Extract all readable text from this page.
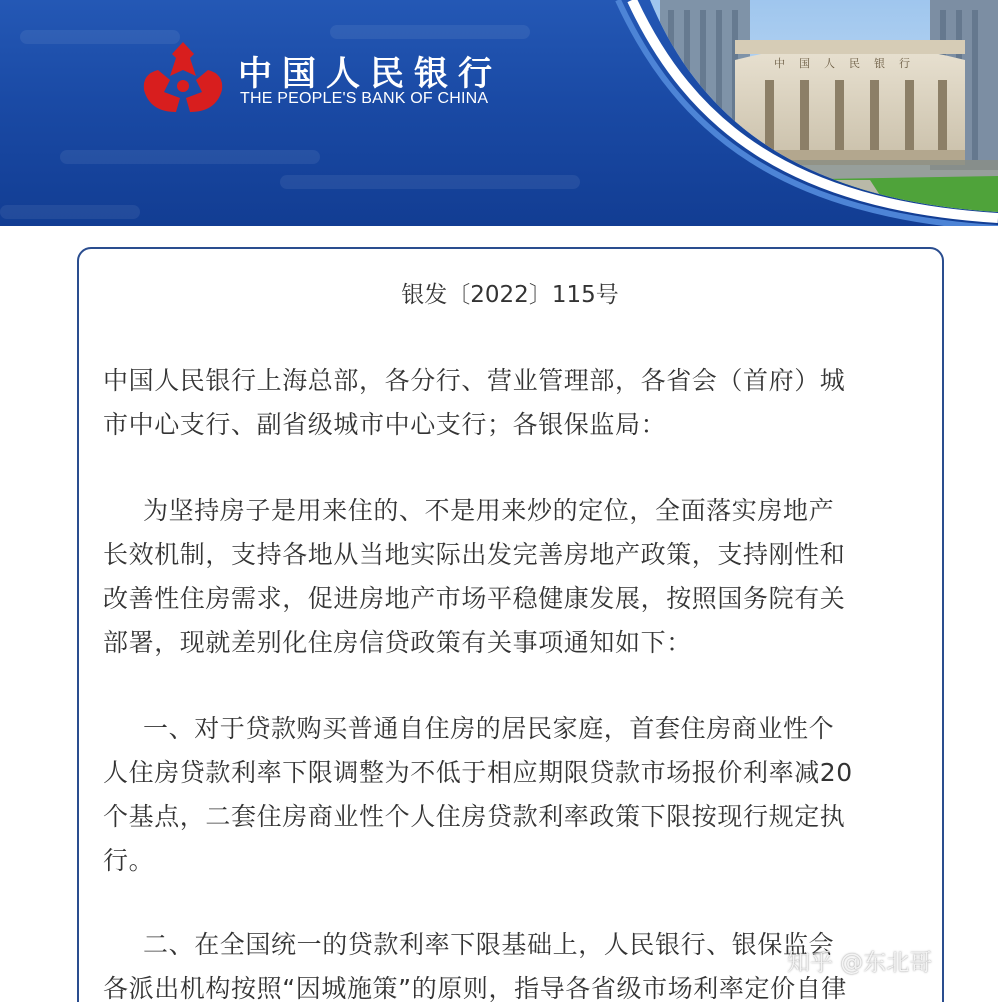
中国人民银行
THE PEOPLE'S BANK OF CHINA
中国人民银行
银发〔2022〕115号
中国人民银行上海总部，各分行、营业管理部，各省会（首府）城
市中心支行、副省级城市中心支行；各银保监局：
为坚持房子是用来住的、不是用来炒的定位，全面落实房地产
长效机制，支持各地从当地实际出发完善房地产政策，支持刚性和
改善性住房需求，促进房地产市场平稳健康发展，按照国务院有关
部署，现就差别化住房信贷政策有关事项通知如下：
一、对于贷款购买普通自住房的居民家庭，首套住房商业性个
人住房贷款利率下限调整为不低于相应期限贷款市场报价利率减20
个基点，二套住房商业性个人住房贷款利率政策下限按现行规定执
行。
二、在全国统一的贷款利率下限基础上，人民银行、银保监会
各派出机构按照“因城施策”的原则，指导各省级市场利率定价自律
知乎 @东北哥
